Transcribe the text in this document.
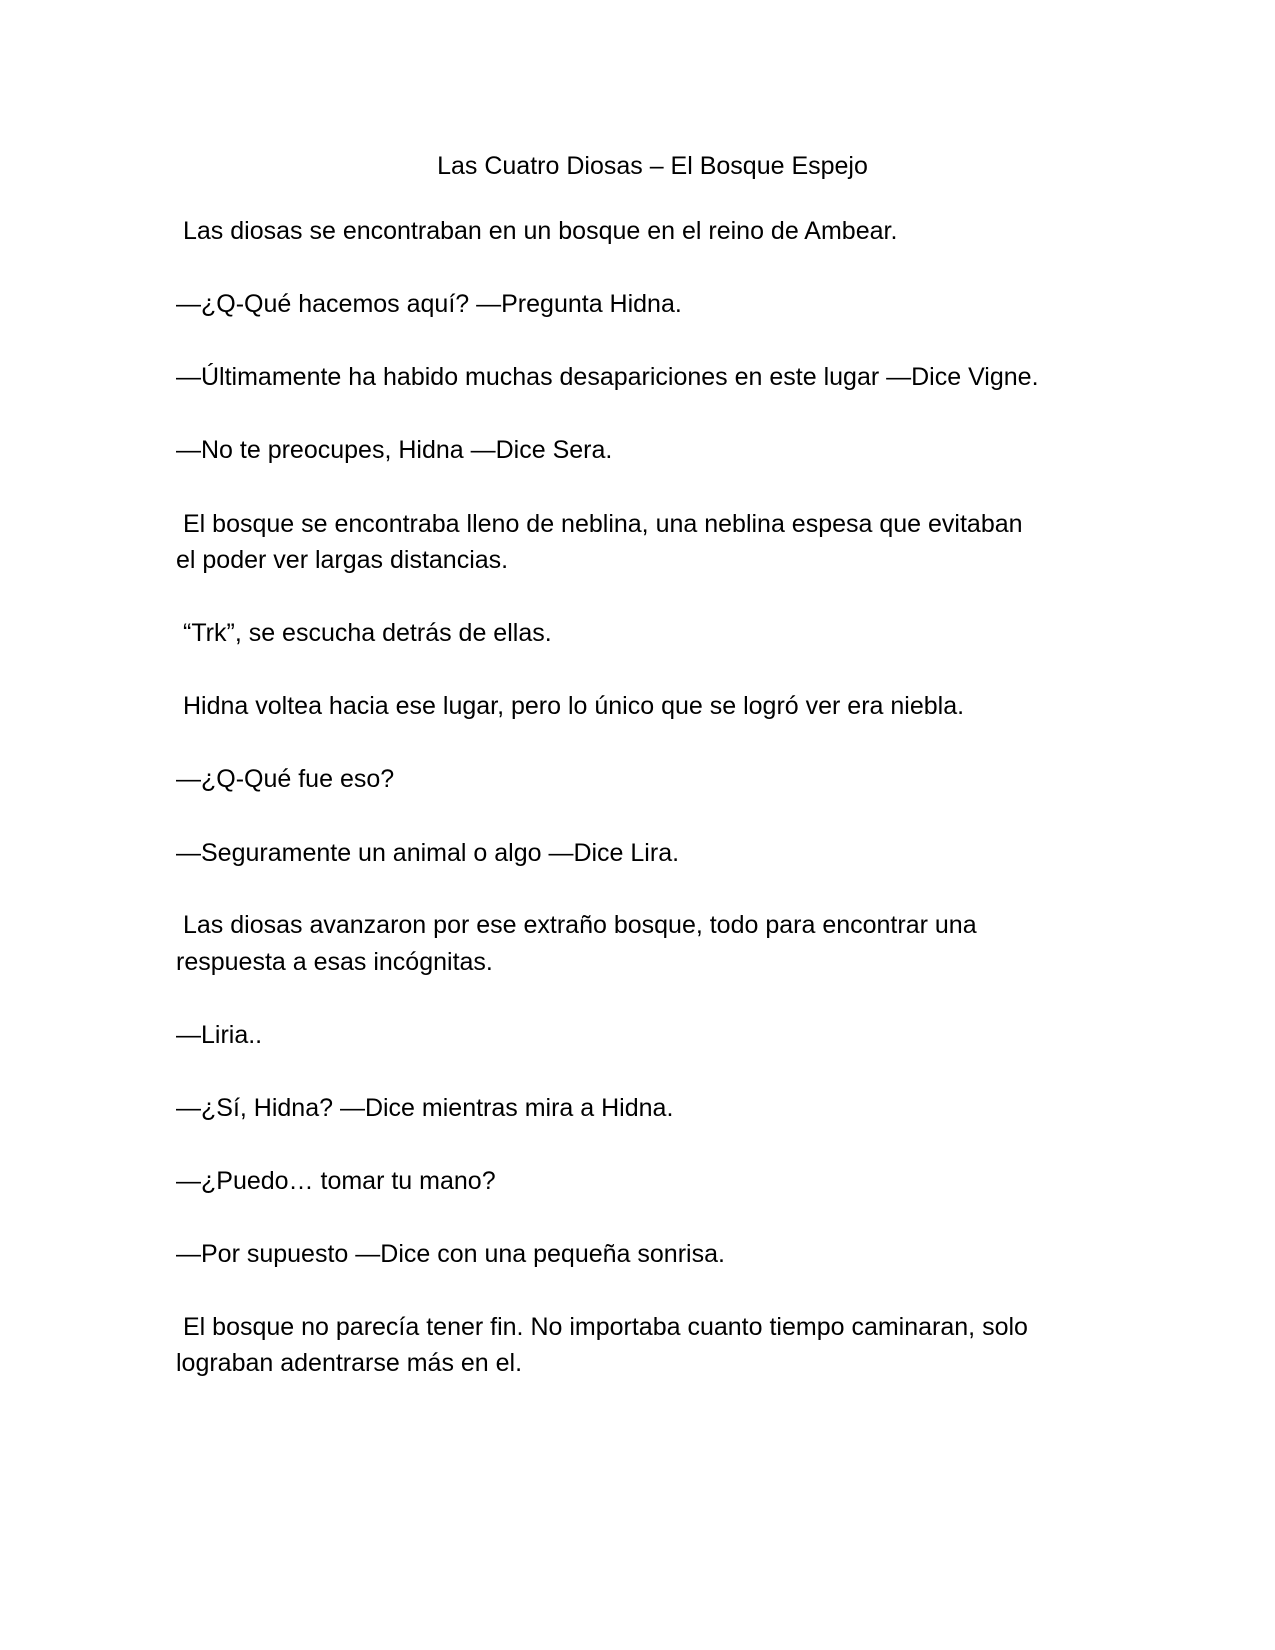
Las Cuatro Diosas – El Bosque Espejo

Las diosas se encontraban en un bosque en el reino de Ambear.

—¿Q-Qué hacemos aquí? —Pregunta Hidna.

—Últimamente ha habido muchas desapariciones en este lugar —Dice Vigne.

—No te preocupes, Hidna —Dice Sera.

El bosque se encontraba lleno de neblina, una neblina espesa que evitaban

el poder ver largas distancias.

“Trk”, se escucha detrás de ellas.

Hidna voltea hacia ese lugar, pero lo único que se logró ver era niebla.

—¿Q-Qué fue eso?

—Seguramente un animal o algo —Dice Lira.

Las diosas avanzaron por ese extraño bosque, todo para encontrar una

respuesta a esas incógnitas.

—Liria..

—¿Sí, Hidna? —Dice mientras mira a Hidna.

—¿Puedo… tomar tu mano?

—Por supuesto —Dice con una pequeña sonrisa.

El bosque no parecía tener fin. No importaba cuanto tiempo caminaran, solo

lograban adentrarse más en el.
